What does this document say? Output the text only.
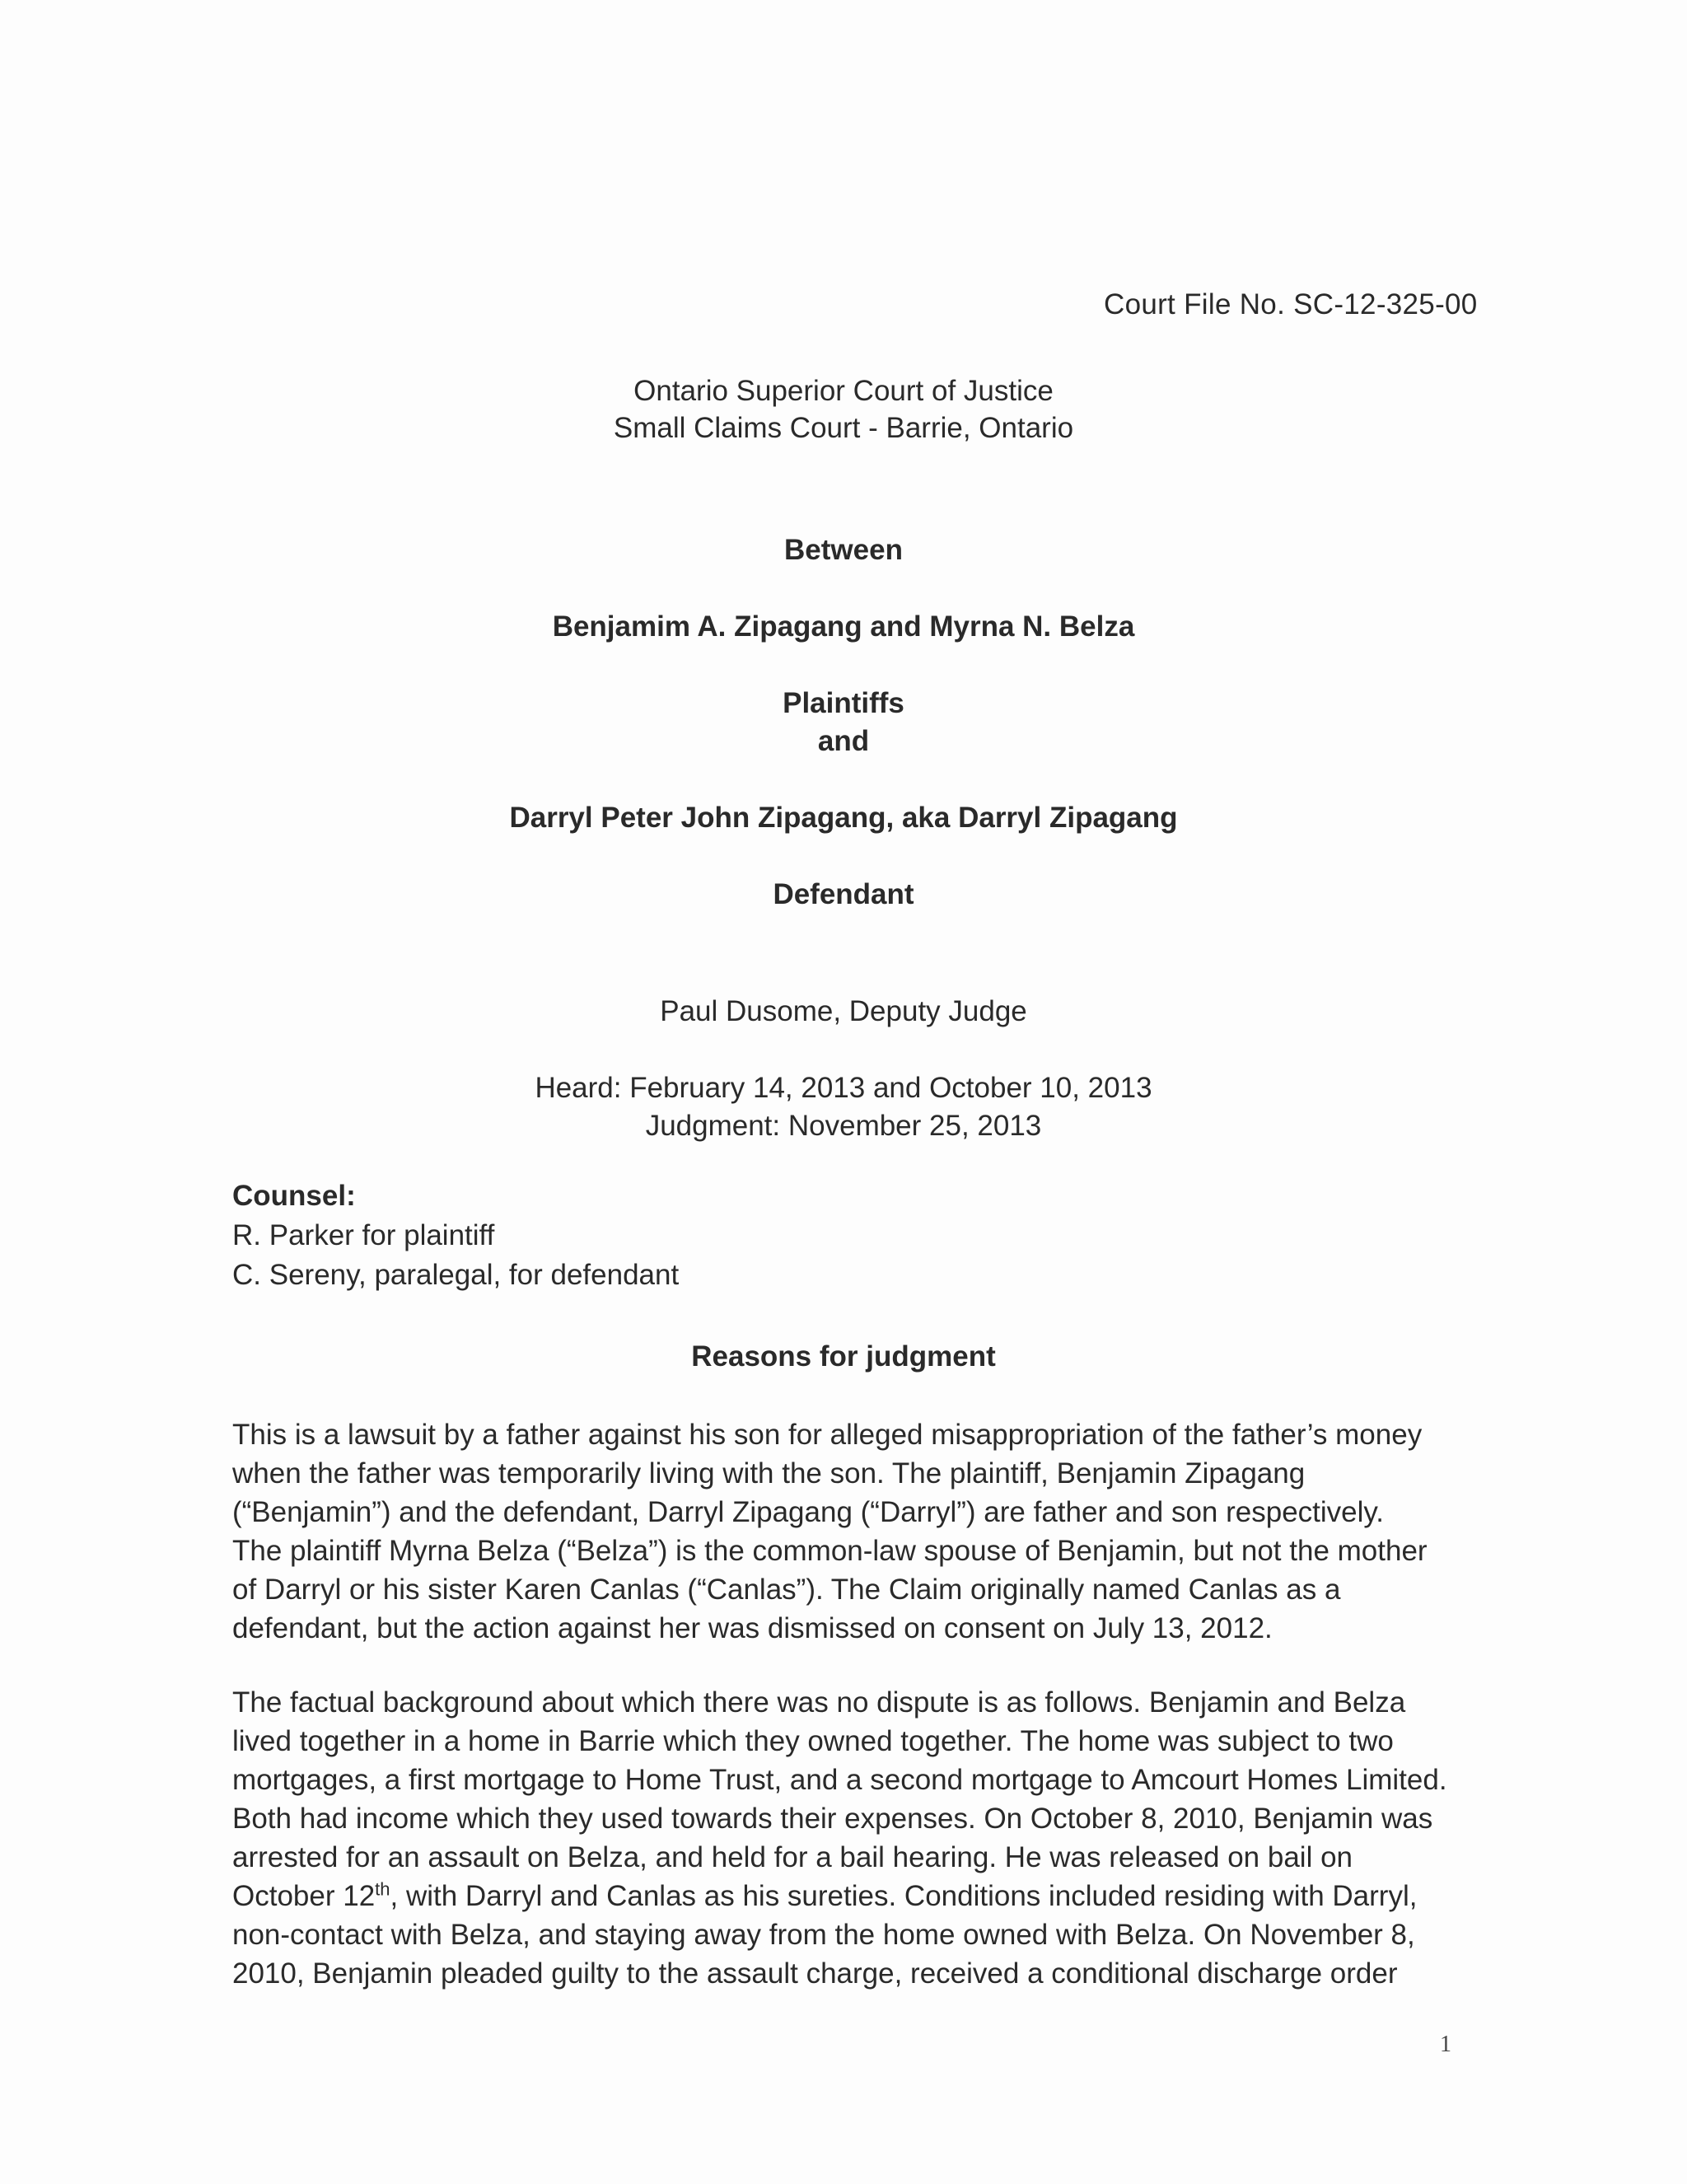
Court File No. SC-12-325-00
Ontario Superior Court of Justice
Small Claims Court - Barrie, Ontario
Between
Benjamim A. Zipagang and Myrna N. Belza
Plaintiffs
and
Darryl Peter John Zipagang, aka Darryl Zipagang
Defendant
Paul Dusome, Deputy Judge
Heard: February 14, 2013 and October 10, 2013
Judgment: November 25, 2013
Counsel:
R. Parker for plaintiff
C. Sereny, paralegal, for defendant
Reasons for judgment
This is a lawsuit by a father against his son for alleged misappropriation of the father’s money
when the father was temporarily living with the son. The plaintiff, Benjamin Zipagang
(“Benjamin”) and the defendant, Darryl Zipagang (“Darryl”) are father and son respectively.
The plaintiff Myrna Belza (“Belza”) is the common-law spouse of Benjamin, but not the mother
of Darryl or his sister Karen Canlas (“Canlas”). The Claim originally named Canlas as a
defendant, but the action against her was dismissed on consent on July 13, 2012.
The factual background about which there was no dispute is as follows. Benjamin and Belza
lived together in a home in Barrie which they owned together. The home was subject to two
mortgages, a first mortgage to Home Trust, and a second mortgage to Amcourt Homes Limited.
Both had income which they used towards their expenses. On October 8, 2010, Benjamin was
arrested for an assault on Belza, and held for a bail hearing. He was released on bail on
October 12th, with Darryl and Canlas as his sureties. Conditions included residing with Darryl,
non-contact with Belza, and staying away from the home owned with Belza. On November 8,
2010, Benjamin pleaded guilty to the assault charge, received a conditional discharge order
1
